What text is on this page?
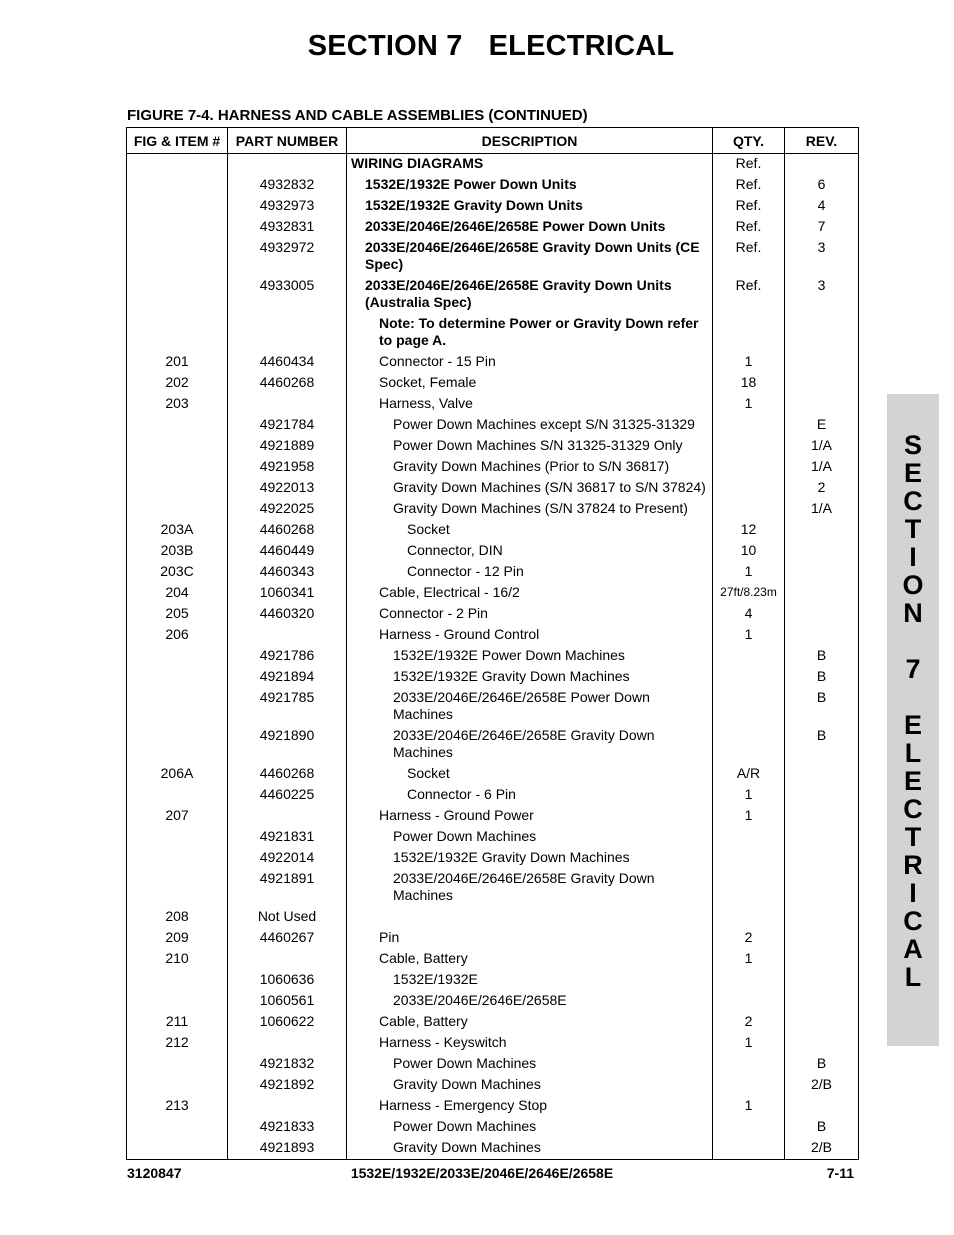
SECTION 7 ELECTRICAL
FIGURE 7-4. HARNESS AND CABLE ASSEMBLIES (CONTINUED)
FIG & ITEM #	PART NUMBER	DESCRIPTION	QTY.	REV.
		WIRING DIAGRAMS	Ref.	
	4932832	1532E/1932E Power Down Units	Ref.	6
	4932973	1532E/1932E Gravity Down Units	Ref.	4
	4932831	2033E/2046E/2646E/2658E Power Down Units	Ref.	7
	4932972	2033E/2046E/2646E/2658E Gravity Down Units (CE Spec)	Ref.	3
	4933005	2033E/2046E/2646E/2658E Gravity Down Units (Australia Spec)	Ref.	3
		Note: To determine Power or Gravity Down refer to page A.		
201	4460434	Connector - 15 Pin	1	
202	4460268	Socket, Female	18	
203		Harness, Valve	1	
	4921784	Power Down Machines except S/N 31325-31329		E
	4921889	Power Down Machines S/N 31325-31329 Only		1/A
	4921958	Gravity Down Machines (Prior to S/N 36817)		1/A
	4922013	Gravity Down Machines (S/N 36817 to S/N 37824)		2
	4922025	Gravity Down Machines (S/N 37824 to Present)		1/A
203A	4460268	Socket	12	
203B	4460449	Connector, DIN	10	
203C	4460343	Connector - 12 Pin	1	
204	1060341	Cable, Electrical - 16/2	27ft/8.23m	
205	4460320	Connector - 2 Pin	4	
206		Harness - Ground Control	1	
	4921786	1532E/1932E Power Down Machines		B
	4921894	1532E/1932E Gravity Down Machines		B
	4921785	2033E/2046E/2646E/2658E Power Down Machines		B
	4921890	2033E/2046E/2646E/2658E Gravity Down Machines		B
206A	4460268	Socket	A/R	
	4460225	Connector - 6 Pin	1	
207		Harness - Ground Power	1	
	4921831	Power Down Machines		
	4922014	1532E/1932E Gravity Down Machines		
	4921891	2033E/2046E/2646E/2658E Gravity Down Machines		
208	Not Used			
209	4460267	Pin	2	
210		Cable, Battery	1	
	1060636	1532E/1932E		
	1060561	2033E/2046E/2646E/2658E		
211	1060622	Cable, Battery	2	
212		Harness - Keyswitch	1	
	4921832	Power Down Machines		B
	4921892	Gravity Down Machines		2/B
213		Harness - Emergency Stop	1	
	4921833	Power Down Machines		B
	4921893	Gravity Down Machines		2/B
S
E
C
T
I
O
N

7

E
L
E
C
T
R
I
C
A
L
3120847	1532E/1932E/2033E/2046E/2646E/2658E	7-11
